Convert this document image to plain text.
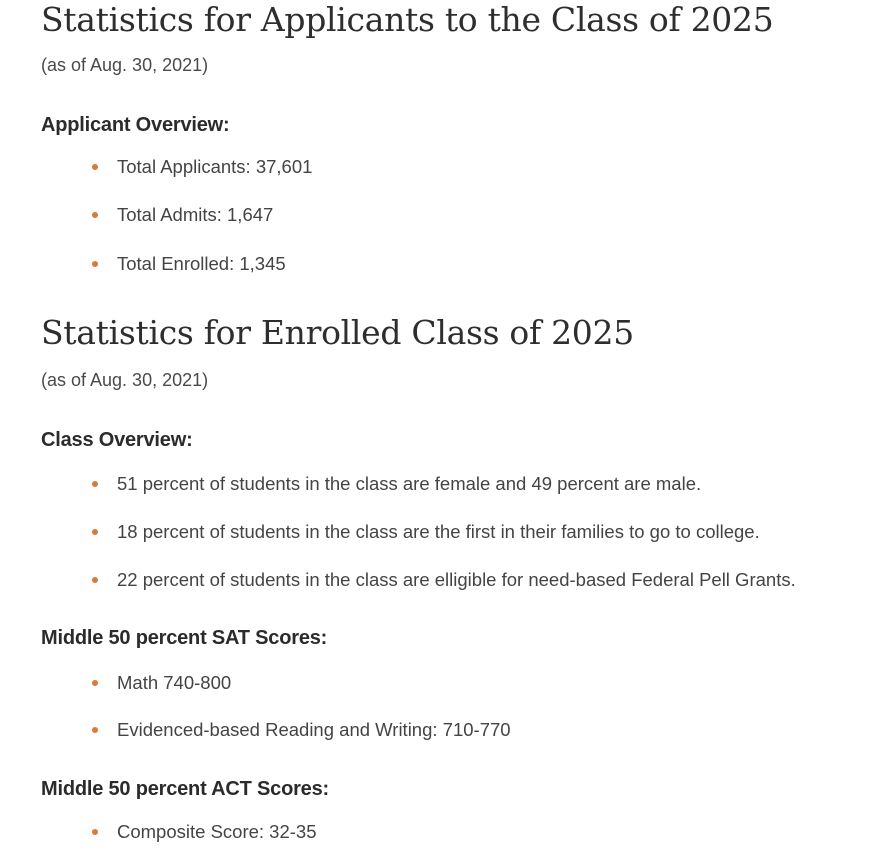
Statistics for Applicants to the Class of 2025

(as of Aug. 30, 2021)

Applicant Overview:
Total Applicants: 37,601
Total Admits: 1,647
Total Enrolled: 1,345
Statistics for Enrolled Class of 2025

(as of Aug. 30, 2021)

Class Overview:
51 percent of students in the class are female and 49 percent are male.
18 percent of students in the class are the first in their families to go to college.
22 percent of students in the class are elligible for need-based Federal Pell Grants.
Middle 50 percent SAT Scores:
Math 740-800
Evidenced-based Reading and Writing: 710-770
Middle 50 percent ACT Scores:
Composite Score: 32-35
